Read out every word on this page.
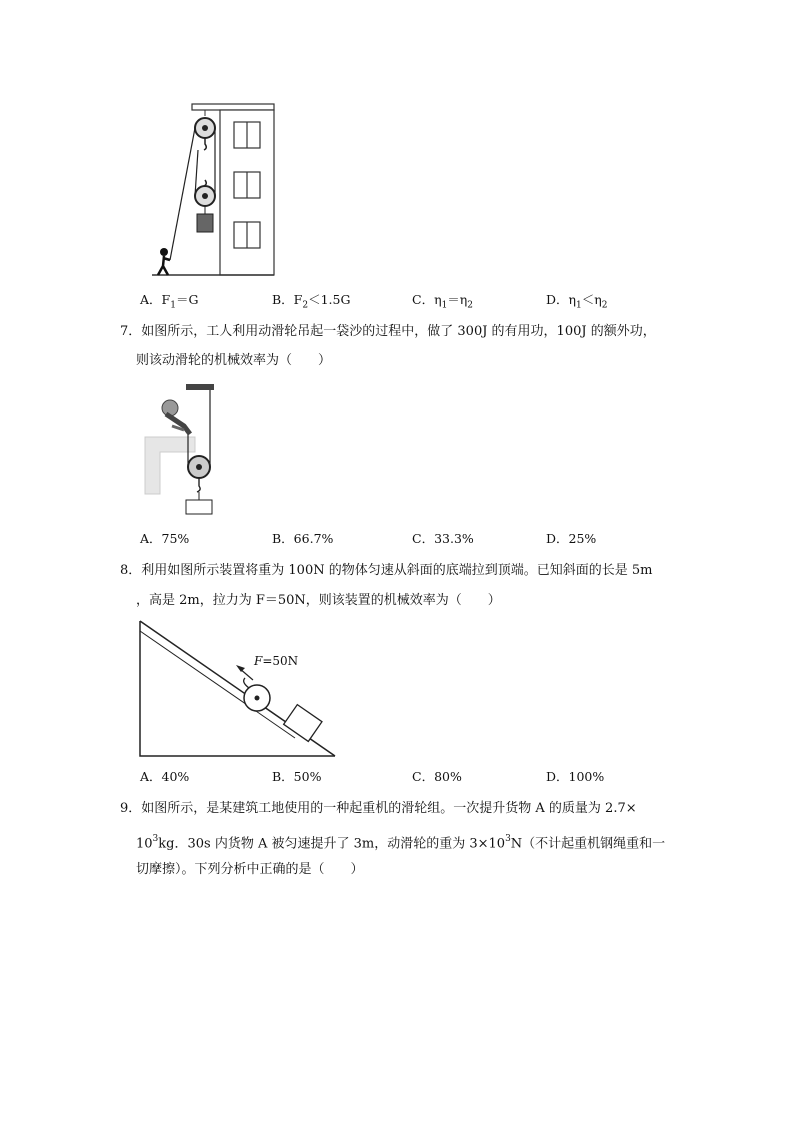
A．$F_1=G$	B．$F_2<1.5G$	C．$\eta_1=\eta_2$	D．$\eta_1<\eta_2$
7．如图所示，工人利用动滑轮吊起一袋沙的过程中，做了 300J 的有用功，100J 的额外功，
则该动滑轮的机械效率为（　　）
A．75%	B．66.7%	C．33.3%	D．25%
8．利用如图所示装置将重为 100N 的物体匀速从斜面的底端拉到顶端。已知斜面的长是 5m
，高是 2m，拉力为 F＝50N，则该装置的机械效率为（　　）
F=50N
A．40%	B．50%	C．80%	D．100%
9．如图所示，是某建筑工地使用的一种起重机的滑轮组。一次提升货物 A 的质量为 2.7×
$10^3kg$．30s 内货物 A 被匀速提升了 3m，动滑轮的重为 $3\times 10^3N$（不计起重机钢绳重和一
切摩擦）。下列分析中正确的是（　　）
